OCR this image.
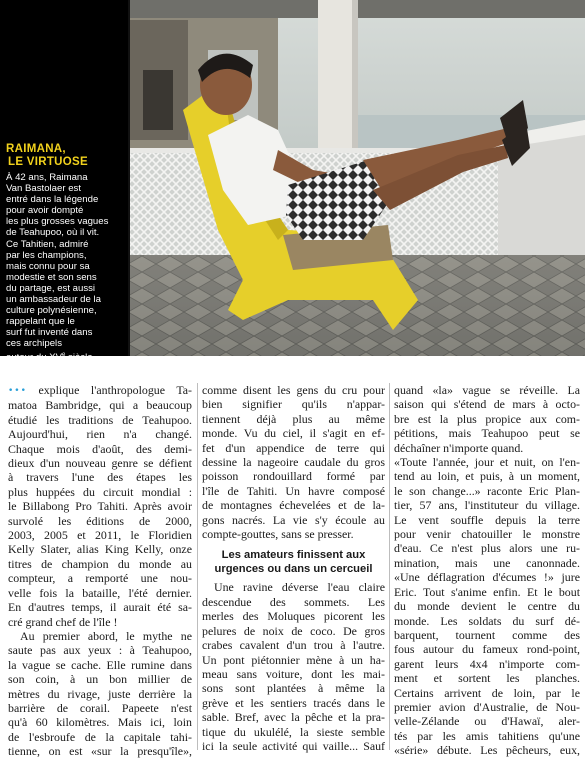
RAIMANA,
LE VIRTUOSE
À 42 ans, Raimana
Van Bastolaer est
entré dans la légende
pour avoir dompté
les plus grosses vagues
de Teahupoo, où il vit.
Ce Tahitien, admiré
par les champions,
mais connu pour sa
modestie et son sens
du partage, est aussi
un ambassadeur de la
culture polynésienne,
rappelant que le
surf fut inventé dans
ces archipels
autour du XVe siècle.
••• explique l'anthropologue Ta-
matoa Bambridge, qui a beaucoup
étudié les traditions de Teahupoo.
Aujourd'hui, rien n'a changé.
Chaque mois d'août, des demi-
dieux d'un nouveau genre se défient
à travers l'une des étapes les
plus huppées du circuit mondial :
le Billabong Pro Tahiti. Après avoir
survolé les éditions de 2000,
2003, 2005 et 2011, le Floridien
Kelly Slater, alias King Kelly, onze
titres de champion du monde au
compteur, a remporté une nou-
velle fois la bataille, l'été dernier.
En d'autres temps, il aurait été sa-
cré grand chef de l'île !
Au premier abord, le mythe ne
saute pas aux yeux : à Teahupoo,
la vague se cache. Elle rumine dans
son coin, à un bon millier de
mètres du rivage, juste derrière la
barrière de corail. Papeete n'est
qu'à 60 kilomètres. Mais ici, loin
de l'esbroufe de la capitale tahi-
tienne, on est «sur la presqu'île»,
comme disent les gens du cru pour
bien signifier qu'ils n'appar-
tiennent déjà plus au même
monde. Vu du ciel, il s'agit en ef-
fet d'un appendice de terre qui
dessine la nageoire caudale du gros
poisson rondouillard formé par
l'île de Tahiti. Un havre composé
de montagnes échevelées et de la-
gons nacrés. La vie s'y écoule au
compte-gouttes, sans se presser.
Les amateurs finissent aux
urgences ou dans un cercueil
Une ravine déverse l'eau claire
descendue des sommets. Les
merles des Moluques picorent les
pelures de noix de coco. De gros
crabes cavalent d'un trou à l'autre.
Un pont piétonnier mène à un ha-
meau sans voiture, dont les mai-
sons sont plantées à même la
grève et les sentiers tracés dans le
sable. Bref, avec la pêche et la pra-
tique du ukulélé, la sieste semble
ici la seule activité qui vaille... Sauf
quand «la» vague se réveille. La
saison qui s'étend de mars à octo-
bre est la plus propice aux com-
pétitions, mais Teahupoo peut se
déchaîner n'importe quand.
«Toute l'année, jour et nuit, on l'en-
tend au loin, et puis, à un moment,
le son change...» raconte Eric Plan-
tier, 57 ans, l'instituteur du village.
Le vent souffle depuis la terre
pour venir chatouiller le monstre
d'eau. Ce n'est plus alors une ru-
mination, mais une canonnade.
«Une déflagration d'écumes !» jure
Eric. Tout s'anime enfin. Et le bout
du monde devient le centre du
monde. Les soldats du surf dé-
barquent, tournent comme des
fous autour du fameux rond-point,
garent leurs 4x4 n'importe com-
ment et sortent les planches.
Certains arrivent de loin, par le
premier avion d'Australie, de Nou-
velle-Zélande ou d'Hawaï, aler-
tés par les amis tahitiens qu'une
«série» débute. Les pêcheurs, eux,
